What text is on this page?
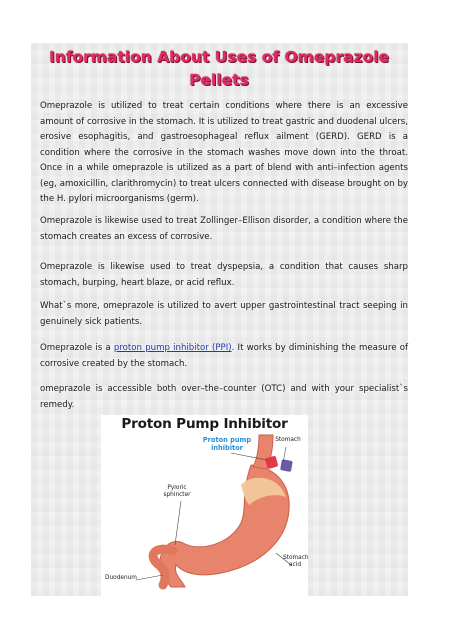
Information About Uses of Omeprazole Pellets

Omeprazole is utilized to treat certain conditions where there is an excessive amount of corrosive in the stomach. It is utilized to treat gastric and duodenal ulcers, erosive esophagitis, and gastroesophageal reflux ailment (GERD). GERD is a condition where the corrosive in the stomach washes move down into the throat. Once in a while omeprazole is utilized as a part of blend with anti–infection agents (eg, amoxicillin, clarithromycin) to treat ulcers connected with disease brought on by the H. pylori microorganisms (germ).

Omeprazole is likewise used to treat Zollinger–Ellison disorder, a condition where the stomach creates an excess of corrosive.

Omeprazole is likewise used to treat dyspepsia, a condition that causes sharp stomach, burping, heart blaze, or acid reflux.

What`s more, omeprazole is utilized to avert upper gastrointestinal tract seeping in genuinely sick patients.

Omeprazole is a proton pump inhibitor (PPI). It works by diminishing the measure of corrosive created by the stomach.

omeprazole is accessible both over–the–counter (OTC) and with your specialist`s remedy.

Proton Pump Inhibitor
Proton pump inhibitor
Stomach
Pyloric sphincter
Duodenum
Stomach acid
